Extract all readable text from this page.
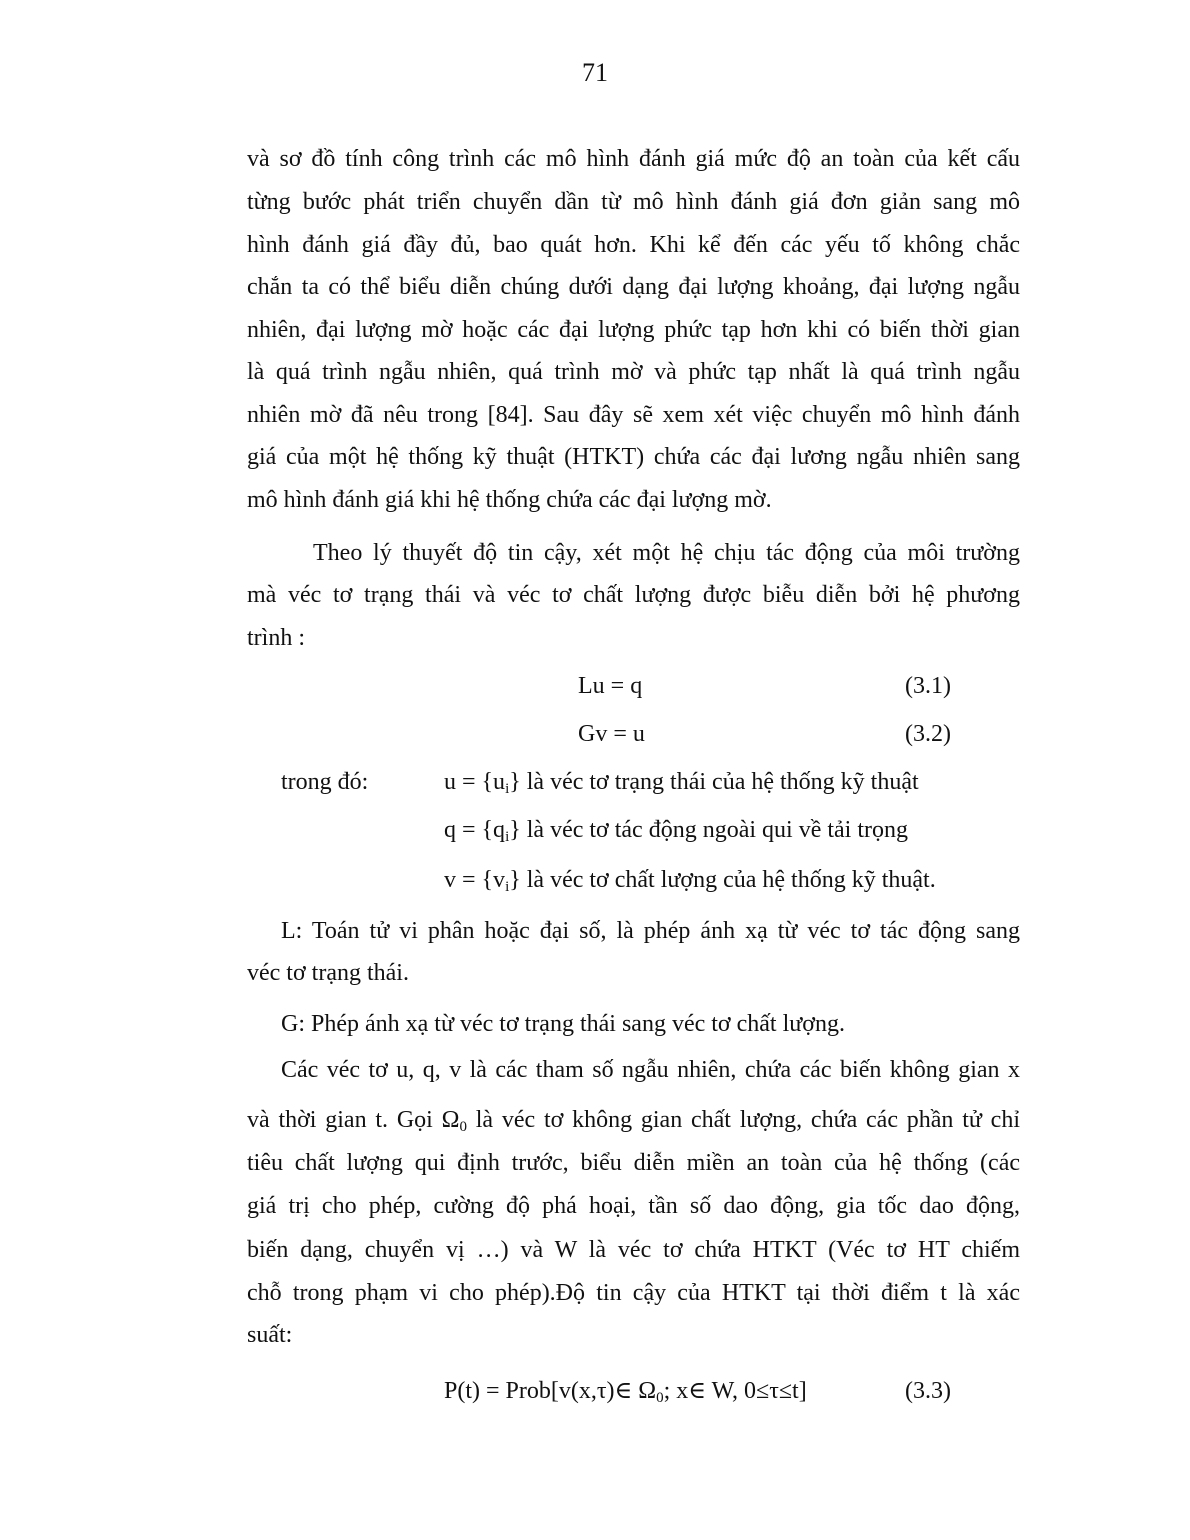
71
và sơ đồ tính công trình các mô hình đánh giá mức độ an toàn của kết cấu
từng bước phát triển chuyển dần từ mô hình đánh giá đơn giản sang mô
hình đánh giá đầy đủ, bao quát hơn. Khi kể đến các yếu tố không chắc
chắn ta có thể biểu diễn chúng dưới dạng đại lượng khoảng, đại lượng ngẫu
nhiên, đại lượng mờ hoặc các đại lượng phức tạp hơn khi có biến thời gian
là quá trình ngẫu nhiên, quá trình mờ và phức tạp nhất là quá trình ngẫu
nhiên mờ đã nêu trong [84]. Sau đây sẽ xem xét việc chuyển mô hình đánh
giá của một hệ thống kỹ thuật (HTKT) chứa các đại lương ngẫu nhiên sang
mô hình đánh giá khi hệ thống chứa các đại lượng mờ.
Theo lý thuyết độ tin cậy, xét một hệ chịu tác động của môi trường
mà véc tơ trạng thái và véc tơ chất lượng được biễu diễn bởi hệ phương
trình :
Lu = q	(3.1)
Gv = u	(3.2)
trong đó:	$u = \{u_i\}$ là véc tơ trạng thái của hệ thống kỹ thuật
$q = \{q_i\}$ là véc tơ tác động ngoài qui về tải trọng
$v = \{v_i\}$ là véc tơ chất lượng của hệ thống kỹ thuật.
L: Toán tử vi phân hoặc đại số, là phép ánh xạ từ véc tơ tác động sang
véc tơ trạng thái.
G: Phép ánh xạ từ véc tơ trạng thái sang véc tơ chất lượng.
Các véc tơ u, q, v là các tham số ngẫu nhiên, chứa các biến không gian x
và thời gian t. Gọi $\Omega_0$ là véc tơ không gian chất lượng, chứa các phần tử chỉ
tiêu chất lượng qui định trước, biểu diễn miền an toàn của hệ thống (các
giá trị cho phép, cường độ phá hoại, tần số dao động, gia tốc dao động,
biến dạng, chuyển vị …) và W là véc tơ chứa HTKT (Véc tơ HT chiếm
chỗ trong phạm vi cho phép).Độ tin cậy của HTKT tại thời điểm t là xác
suất:
P(t) = Prob[v(x,τ)∈ $\Omega_0$; x∈ W, 0≤τ≤t]	(3.3)
